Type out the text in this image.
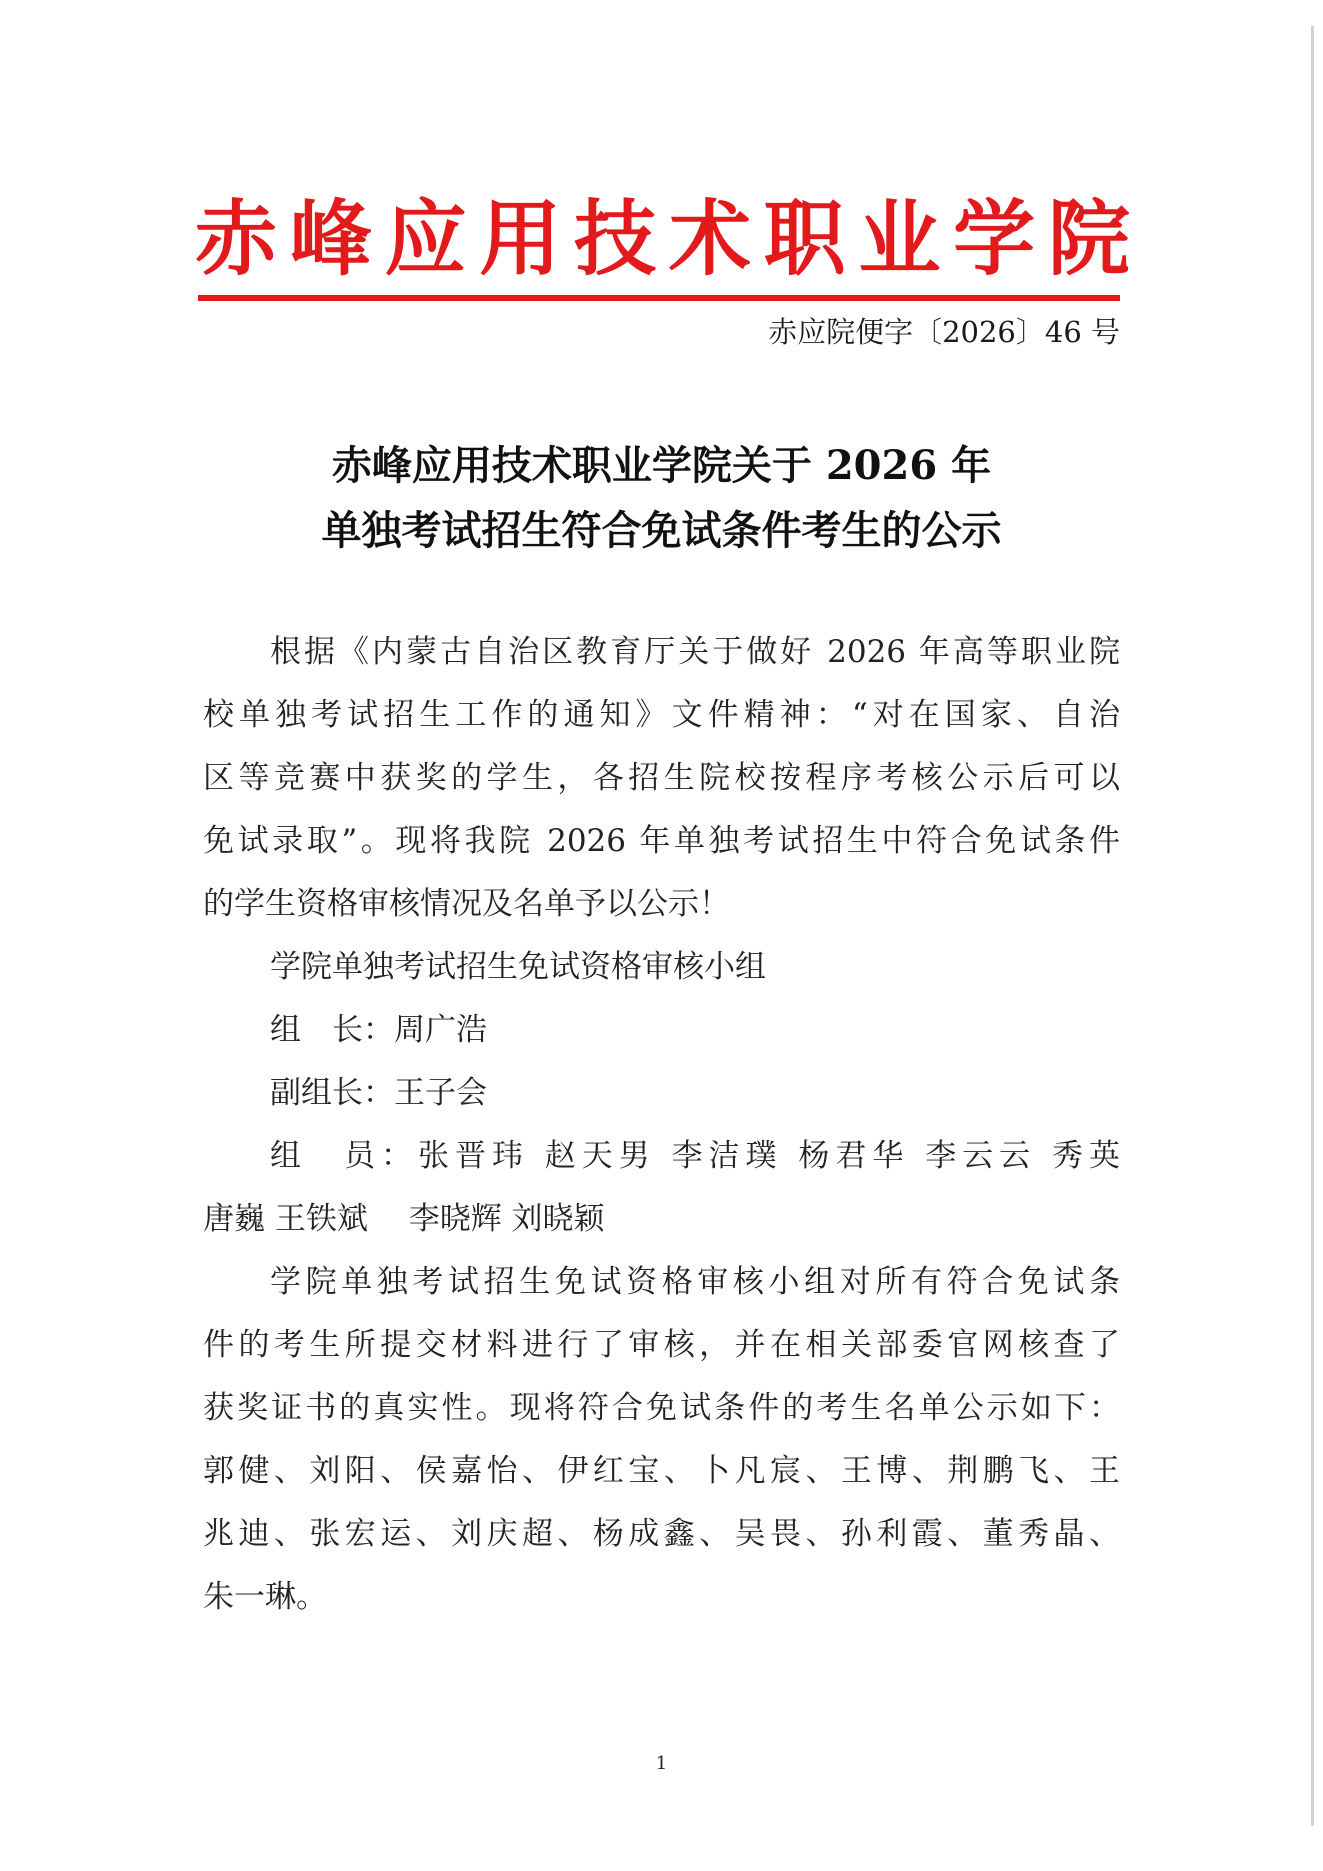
赤 峰 应 用 技 术 职 业 学 院
赤应院便字〔2026〕46 号
赤峰应用技术职业学院关于 2026 年
单独考试招生符合免试条件考生的公示
根据《内蒙古自治区教育厅关于做好 2026 年高等职业院
校单独考试招生工作的通知》文件精神：“对在国家、自治
区等竞赛中获奖的学生，各招生院校按程序考核公示后可以
免试录取”。现将我院 2026 年单独考试招生中符合免试条件
的学生资格审核情况及名单予以公示！
学院单独考试招生免试资格审核小组
组　长：周广浩
副组长：王子会
组　员：张晋玮 赵天男 李洁璞 杨君华 李云云 秀英
唐巍 王铁斌　 李晓辉 刘晓颖
学院单独考试招生免试资格审核小组对所有符合免试条
件的考生所提交材料进行了审核，并在相关部委官网核查了
获奖证书的真实性。现将符合免试条件的考生名单公示如下：
郭健、刘阳、侯嘉怡、伊红宝、卜凡宸、王博、荆鹏飞、王
兆迪、张宏运、刘庆超、杨成鑫、吴畏、孙利霞、董秀晶、
朱一琳。
1
